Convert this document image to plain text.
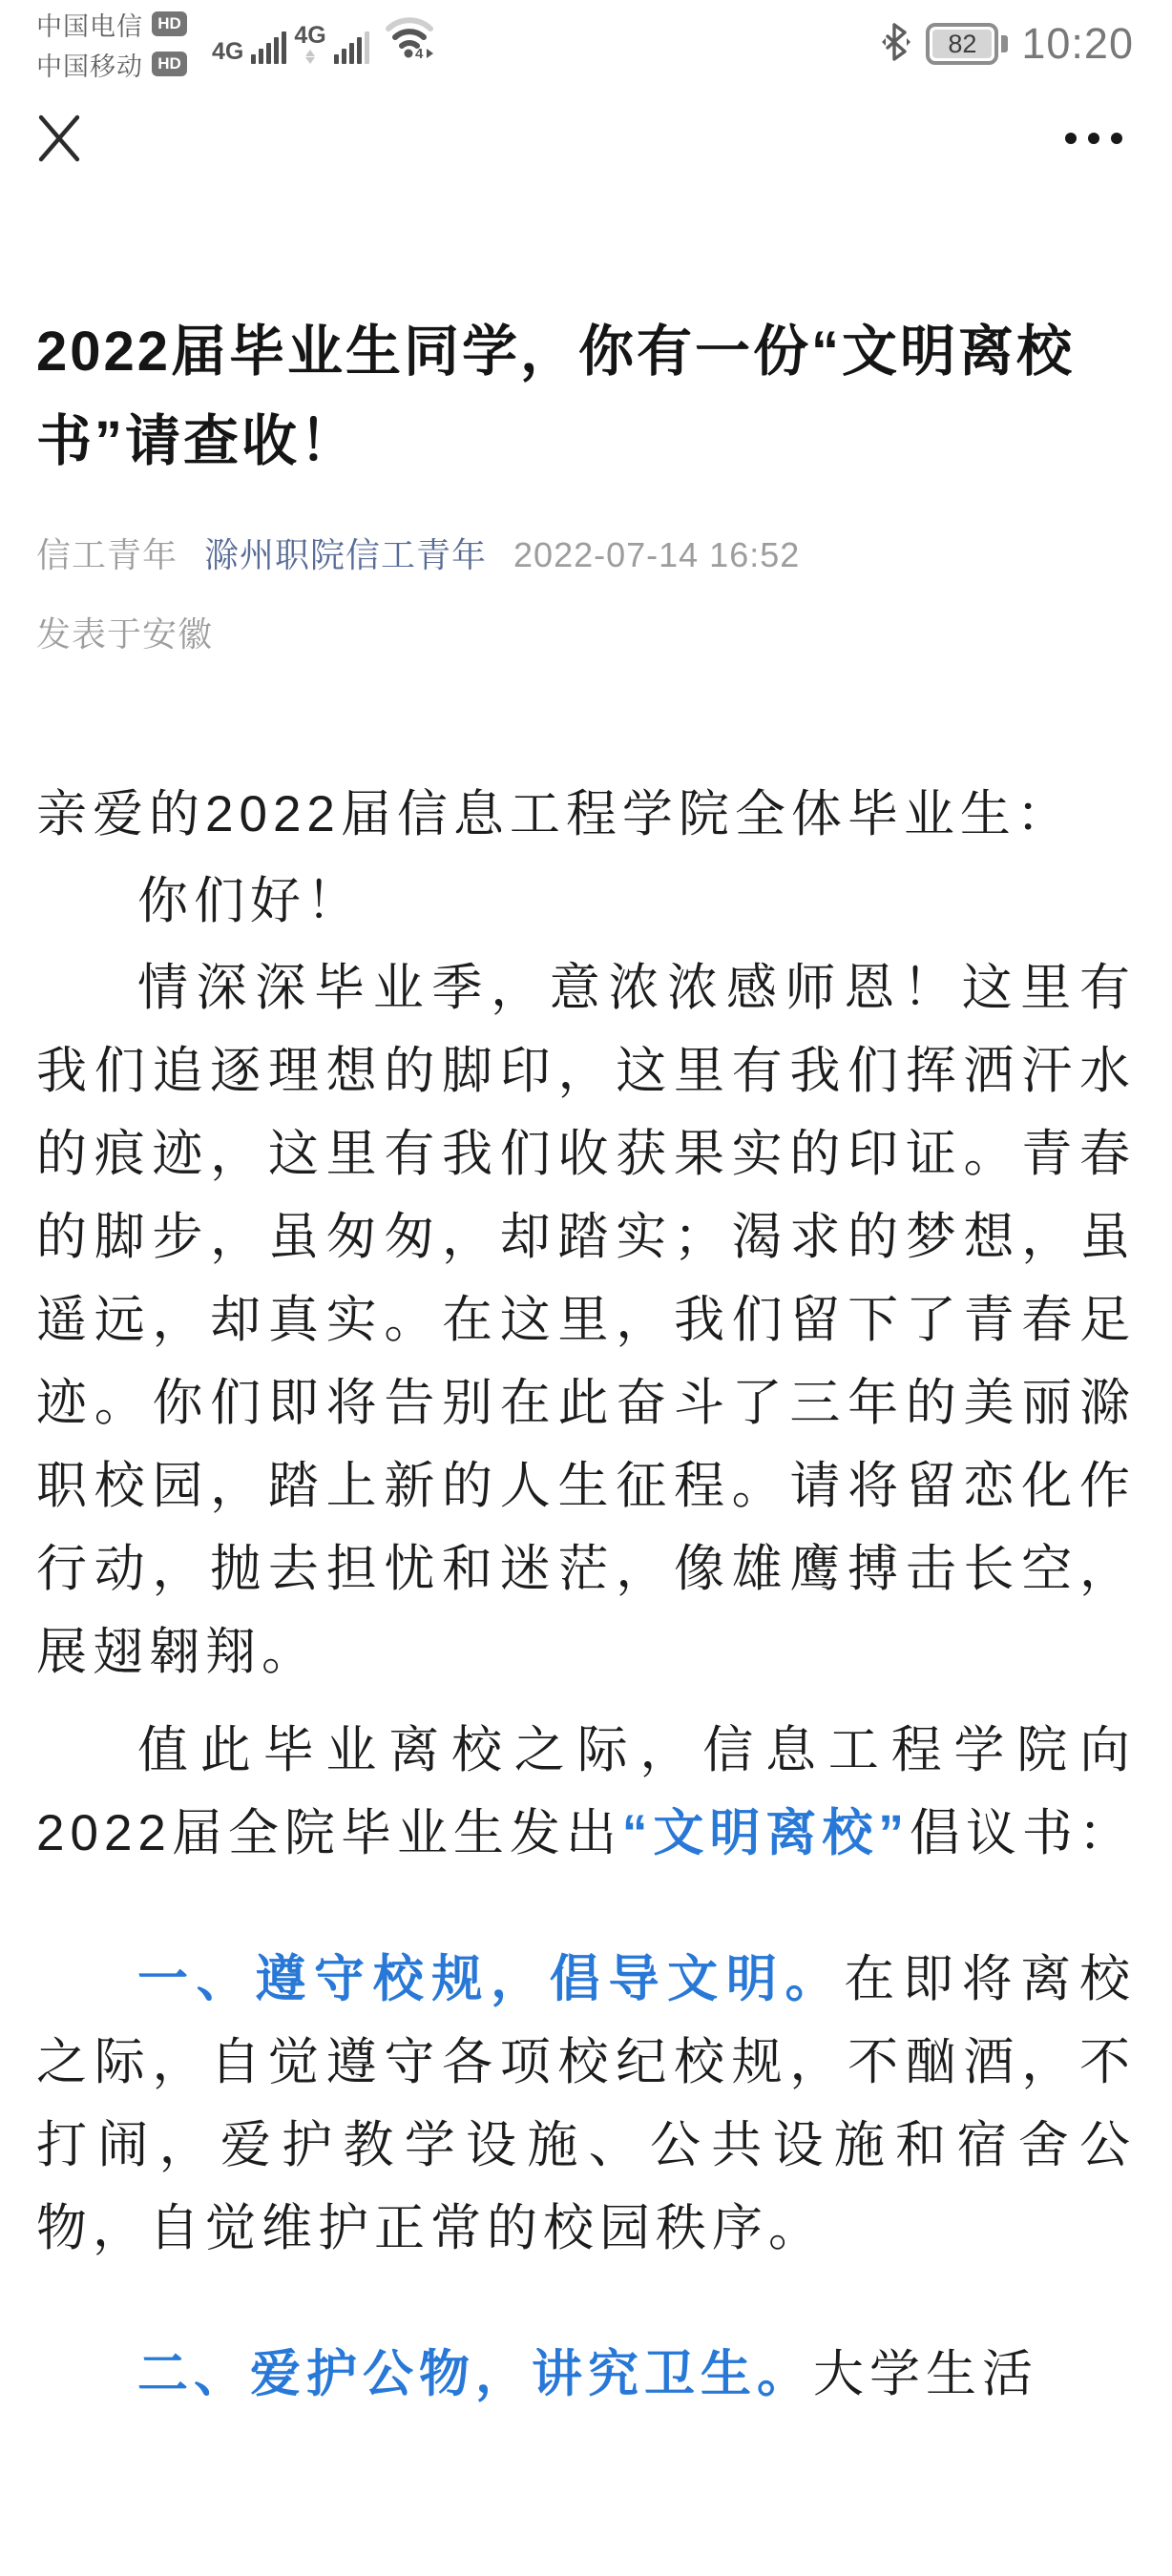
中国电信 HD
中国移动 HD 4G
4G
4	82	10:20
2022届毕业生同学，你有一份“文明离校书”请查收！
信工青年 滁州职院信工青年 2022-07-14 16:52
发表于安徽

亲爱的2022届信息工程学院全体毕业生：

你们好！

情深深毕业季，意浓浓感师恩！这里有我们追逐理想的脚印，这里有我们挥洒汗水的痕迹，这里有我们收获果实的印证。青春的脚步，虽匆匆，却踏实；渴求的梦想，虽遥远，却真实。在这里，我们留下了青春足迹。你们即将告别在此奋斗了三年的美丽滁职校园，踏上新的人生征程。请将留恋化作行动，抛去担忧和迷茫，像雄鹰搏击长空，展翅翱翔。

值此毕业离校之际，信息工程学院向2022届全院毕业生发出“文明离校”倡议书：

一、遵守校规，倡导文明。在即将离校之际，自觉遵守各项校纪校规，不酗酒，不打闹，爱护教学设施、公共设施和宿舍公物，自觉维护正常的校园秩序。

二、爱护公物，讲究卫生。大学生活
